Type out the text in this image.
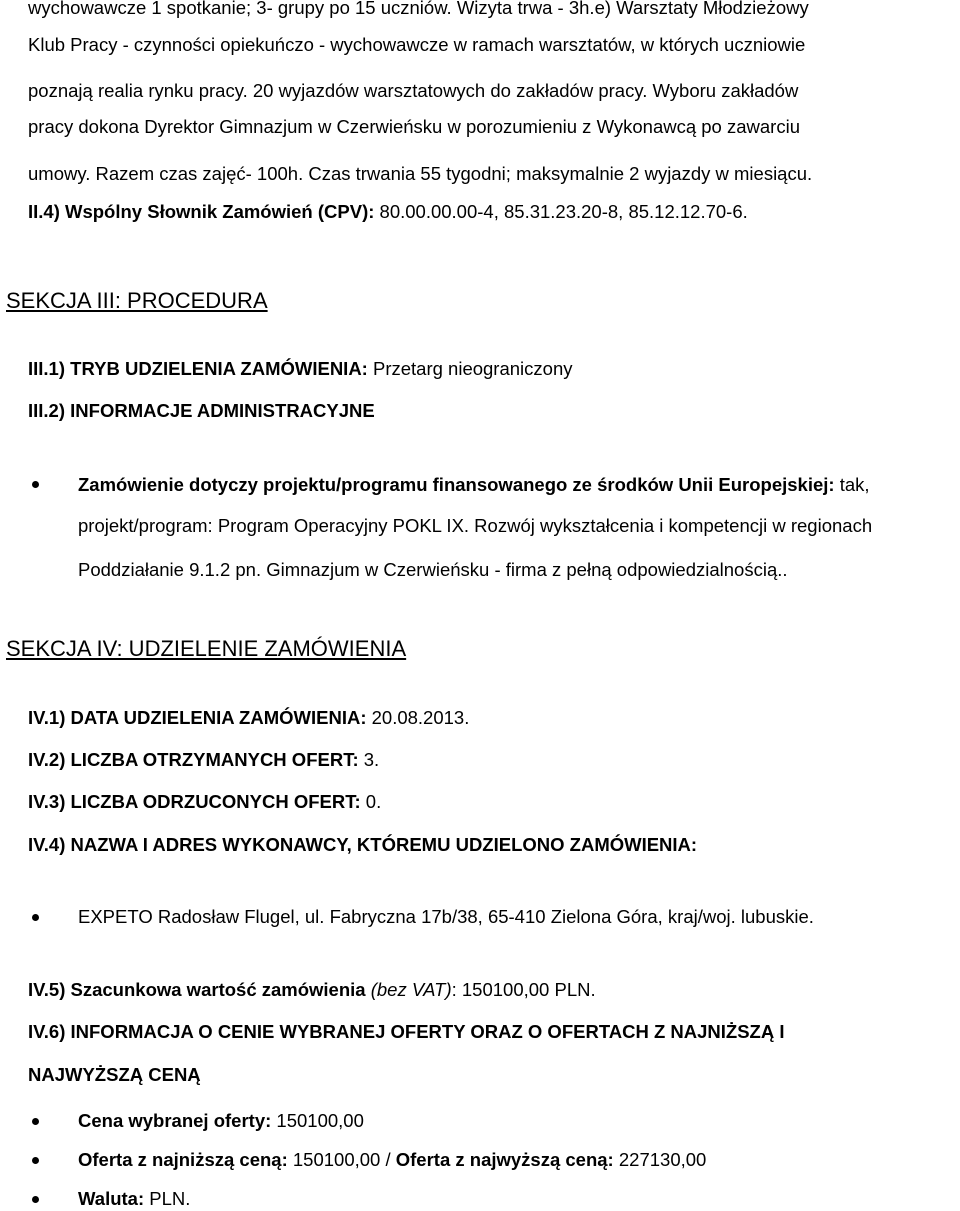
wychowawcze 1 spotkanie; 3- grupy po 15 uczniów. Wizyta trwa - 3h.e) Warsztaty Młodzieżowy
Klub Pracy - czynności opiekuńczo - wychowawcze w ramach warsztatów, w których uczniowie
poznają realia rynku pracy. 20 wyjazdów warsztatowych do zakładów pracy. Wyboru zakładów
pracy dokona Dyrektor Gimnazjum w Czerwieńsku w porozumieniu z Wykonawcą po zawarciu
umowy. Razem czas zajęć- 100h. Czas trwania 55 tygodni; maksymalnie 2 wyjazdy w miesiącu.
II.4) Wspólny Słownik Zamówień (CPV): 80.00.00.00-4, 85.31.23.20-8, 85.12.12.70-6.
SEKCJA III: PROCEDURA
III.1) TRYB UDZIELENIA ZAMÓWIENIA: Przetarg nieograniczony
III.2) INFORMACJE ADMINISTRACYJNE
Zamówienie dotyczy projektu/programu finansowanego ze środków Unii Europejskiej: tak,
projekt/program: Program Operacyjny POKL IX. Rozwój wykształcenia i kompetencji w regionach
Poddziałanie 9.1.2 pn. Gimnazjum w Czerwieńsku - firma z pełną odpowiedzialnością..
SEKCJA IV: UDZIELENIE ZAMÓWIENIA
IV.1) DATA UDZIELENIA ZAMÓWIENIA: 20.08.2013.
IV.2) LICZBA OTRZYMANYCH OFERT: 3.
IV.3) LICZBA ODRZUCONYCH OFERT: 0.
IV.4) NAZWA I ADRES WYKONAWCY, KTÓREMU UDZIELONO ZAMÓWIENIA:
EXPETO Radosław Flugel, ul. Fabryczna 17b/38, 65-410 Zielona Góra, kraj/woj. lubuskie.
IV.5) Szacunkowa wartość zamówienia (bez VAT): 150100,00 PLN.
IV.6) INFORMACJA O CENIE WYBRANEJ OFERTY ORAZ O OFERTACH Z NAJNIŻSZĄ I
NAJWYŻSZĄ CENĄ
Cena wybranej oferty: 150100,00
Oferta z najniższą ceną: 150100,00 / Oferta z najwyższą ceną: 227130,00
Waluta: PLN.
